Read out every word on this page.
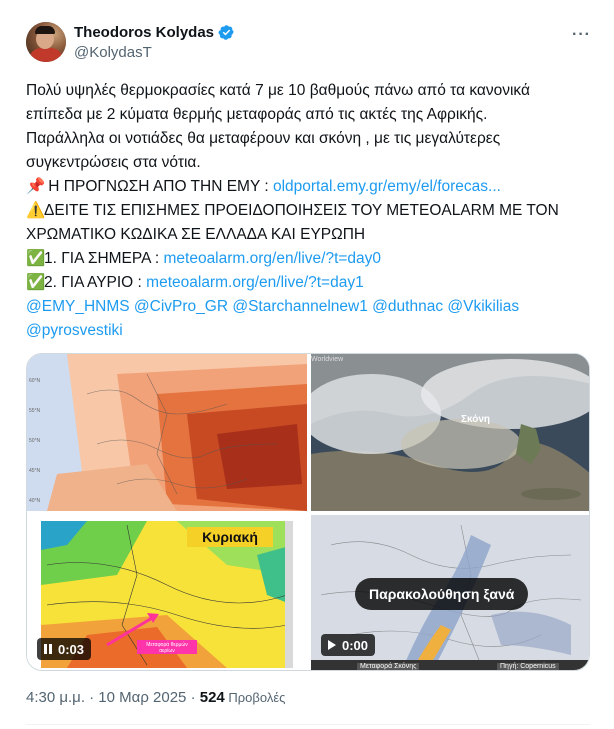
Theodoros Kolydas
@KolydasT
···
Πολύ υψηλές θερμοκρασίες κατά 7 με 10 βαθμούς πάνω από τα κανονικά
επίπεδα με 2 κύματα θερμής μεταφοράς από τις ακτές της Αφρικής.
Παράλληλα οι νοτιάδες θα μεταφέρουν και σκόνη , με τις μεγαλύτερες
συγκεντρώσεις στα νότια.
📌 Η ΠΡΟΓΝΩΣΗ ΑΠΟ ΤΗΝ ΕΜΥ : oldportal.emy.gr/emy/el/forecas...
⚠️ΔΕΙΤΕ ΤΙΣ ΕΠΙΣΗΜΕΣ ΠΡΟΕΙΔΟΠΟΙΗΣΕΙΣ ΤΟΥ METEOALARM ΜΕ ΤΟΝ
ΧΡΩΜΑΤΙΚΟ ΚΩΔΙΚΑ ΣΕ ΕΛΛΑΔΑ ΚΑΙ ΕΥΡΩΠΗ
✅1. ΓΙΑ ΣΗΜΕΡΑ : meteoalarm.org/en/live/?t=day0
✅2. ΓΙΑ ΑΥΡΙΟ : meteoalarm.org/en/live/?t=day1
@EMY_HNMS @CivPro_GR @Starchannelnew1 @duthnac @Vkikilias
@pyrosvestiki
60°N
55°N
50°N
45°N
40°N
Worldview
Σκόνη
Κυριακή
Μεταφορά θερμών αερίων
0:03
Παρακολούθηση ξανά
0:00
Μεταφορά Σκόνης	Πηγή: Copernicus
4:30 μ.μ. · 10 Μαρ 2025 · 524 Προβολές
